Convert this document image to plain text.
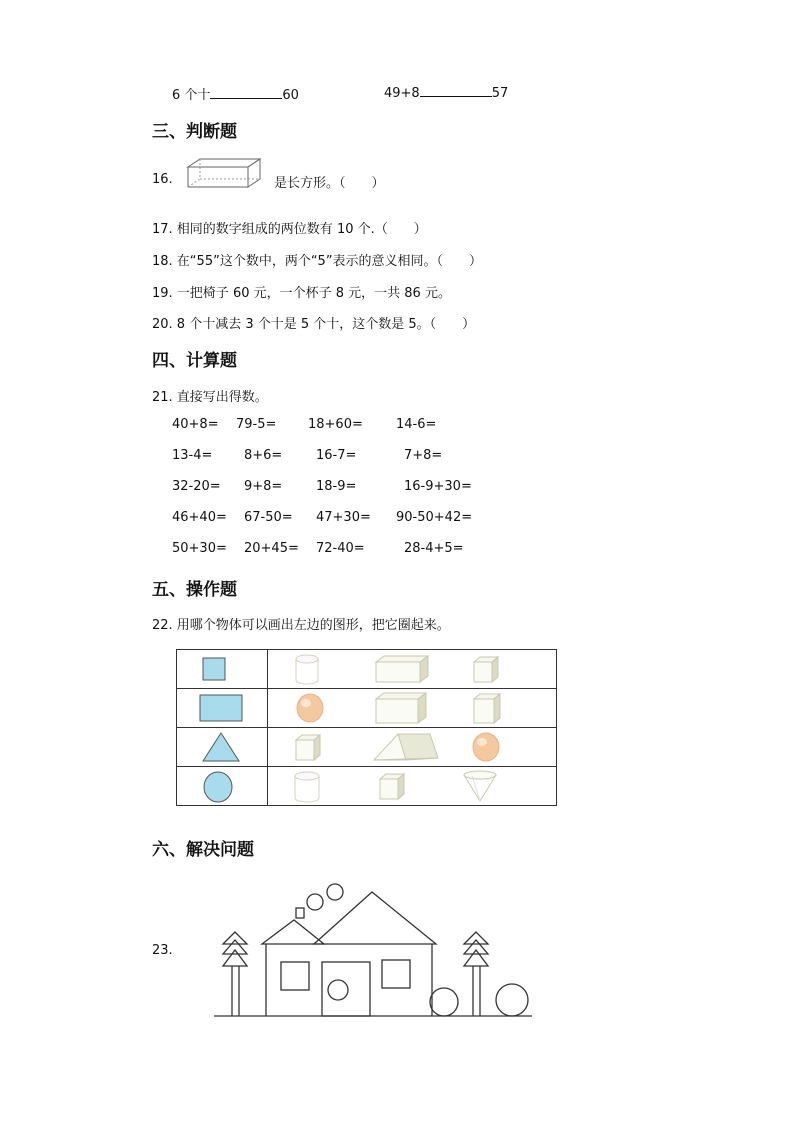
6 个十	60	49+8	57
三、判断题
16.	是长方形。（　　）
17. 相同的数字组成的两位数有 10 个.（　　）
18. 在“55”这个数中，两个“5”表示的意义相同。（　　）
19. 一把椅子 60 元，一个杯子 8 元，一共 86 元。
20. 8 个十减去 3 个十是 5 个十，这个数是 5。（　　）
四、计算题
21. 直接写出得数。
40+8= 79-5= 18+60=	14-6=
13-4= 8+6=	16-7=	7+8=
32-20= 9+8=	18-9=	16-9+30=
46+40= 67-50= 47+30= 90-50+42=
50+30= 20+45= 72-40=	28-4+5=
五、操作题
22. 用哪个物体可以画出左边的图形，把它圈起来。

六、解决问题
23.
